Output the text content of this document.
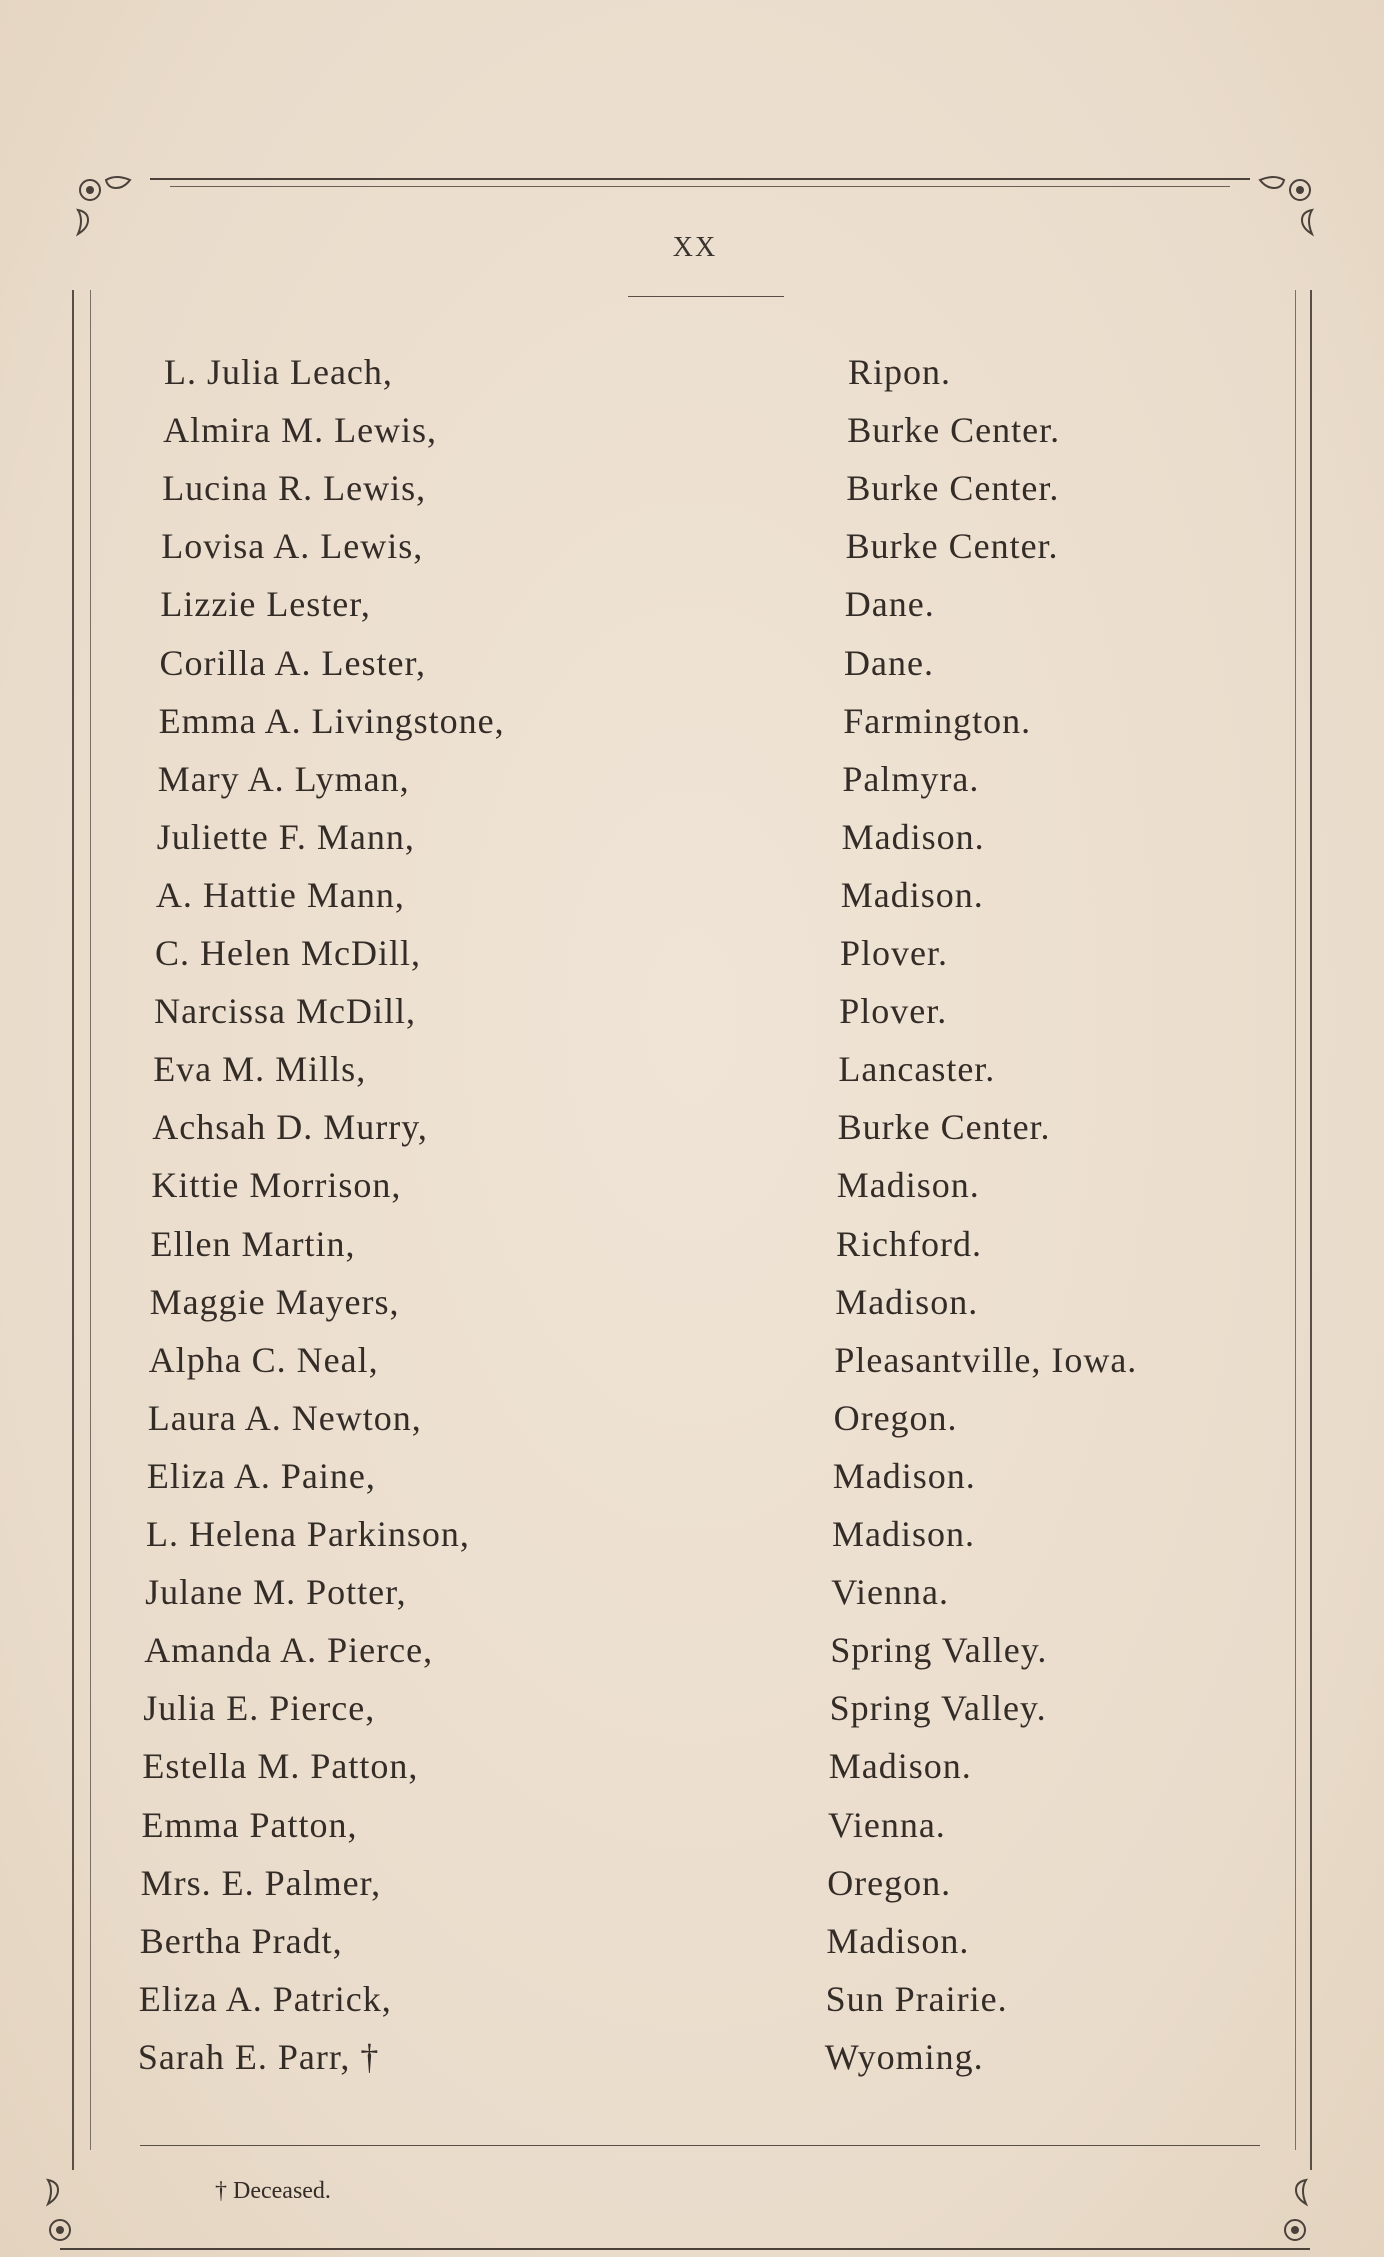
XX
L. Julia Leach,	Ripon.
Almira M. Lewis,	Burke Center.
Lucina R. Lewis,	Burke Center.
Lovisa A. Lewis,	Burke Center.
Lizzie Lester,	Dane.
Corilla A. Lester,	Dane.
Emma A. Livingstone,	Farmington.
Mary A. Lyman,	Palmyra.
Juliette F. Mann,	Madison.
A. Hattie Mann,	Madison.
C. Helen McDill,	Plover.
Narcissa McDill,	Plover.
Eva M. Mills,	Lancaster.
Achsah D. Murry,	Burke Center.
Kittie Morrison,	Madison.
Ellen Martin,	Richford.
Maggie Mayers,	Madison.
Alpha C. Neal,	Pleasantville, Iowa.
Laura A. Newton,	Oregon.
Eliza A. Paine,	Madison.
L. Helena Parkinson,	Madison.
Julane M. Potter,	Vienna.
Amanda A. Pierce,	Spring Valley.
Julia E. Pierce,	Spring Valley.
Estella M. Patton,	Madison.
Emma Patton,	Vienna.
Mrs. E. Palmer,	Oregon.
Bertha Pradt,	Madison.
Eliza A. Patrick,	Sun Prairie.
Sarah E. Parr, †	Wyoming.
† Deceased.
